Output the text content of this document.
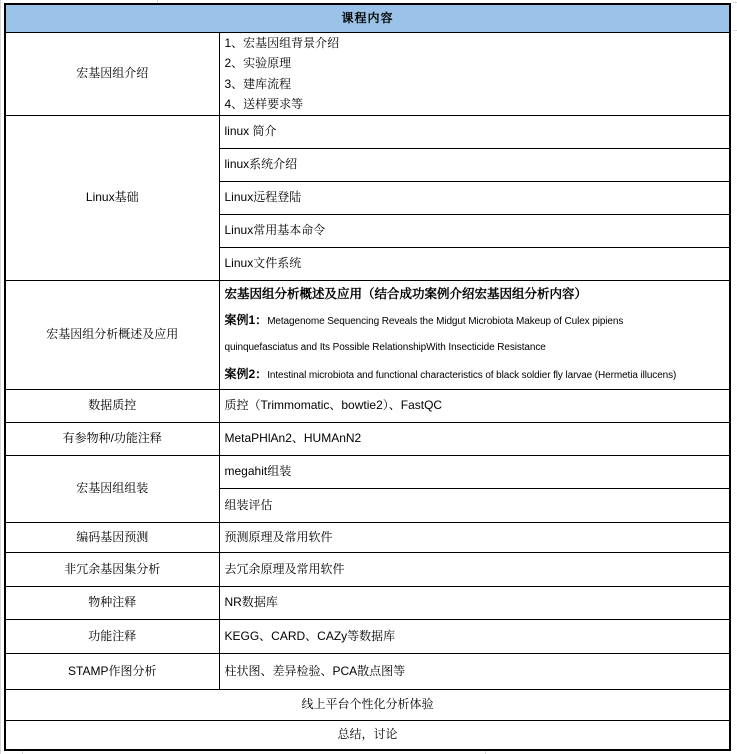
课程内容	
宏基因组介绍	1、宏基因组背景介绍
2、实验原理
3、建库流程
4、送样要求等

Linux基础	linux 简介
	linux系统介绍
	Linux远程登陆
	Linux常用基本命令
	Linux文件系统
宏基因组分析概述及应用	宏基因组分析概述及应用（结合成功案例介绍宏基因组分析内容）
案例1：Metagenome Sequencing Reveals the Midgut Microbiota Makeup of Culex pipiens
quinquefasciatus and Its Possible RelationshipWith Insecticide Resistance
案例2：Intestinal microbiota and functional characteristics of black soldier fly larvae (Hermetia illucens)

数据质控	质控（Trimmomatic、bowtie2）、FastQC
有参物种/功能注释	MetaPHlAn2、HUMAnN2
宏基因组组装	megahit组装
	组装评估
编码基因预测	预测原理及常用软件
非冗余基因集分析	去冗余原理及常用软件
物种注释	NR数据库
功能注释	KEGG、CARD、CAZy等数据库
STAMP作图分析	柱状图、差异检验、PCA散点图等
线上平台个性化分析体验	
总结，讨论	
